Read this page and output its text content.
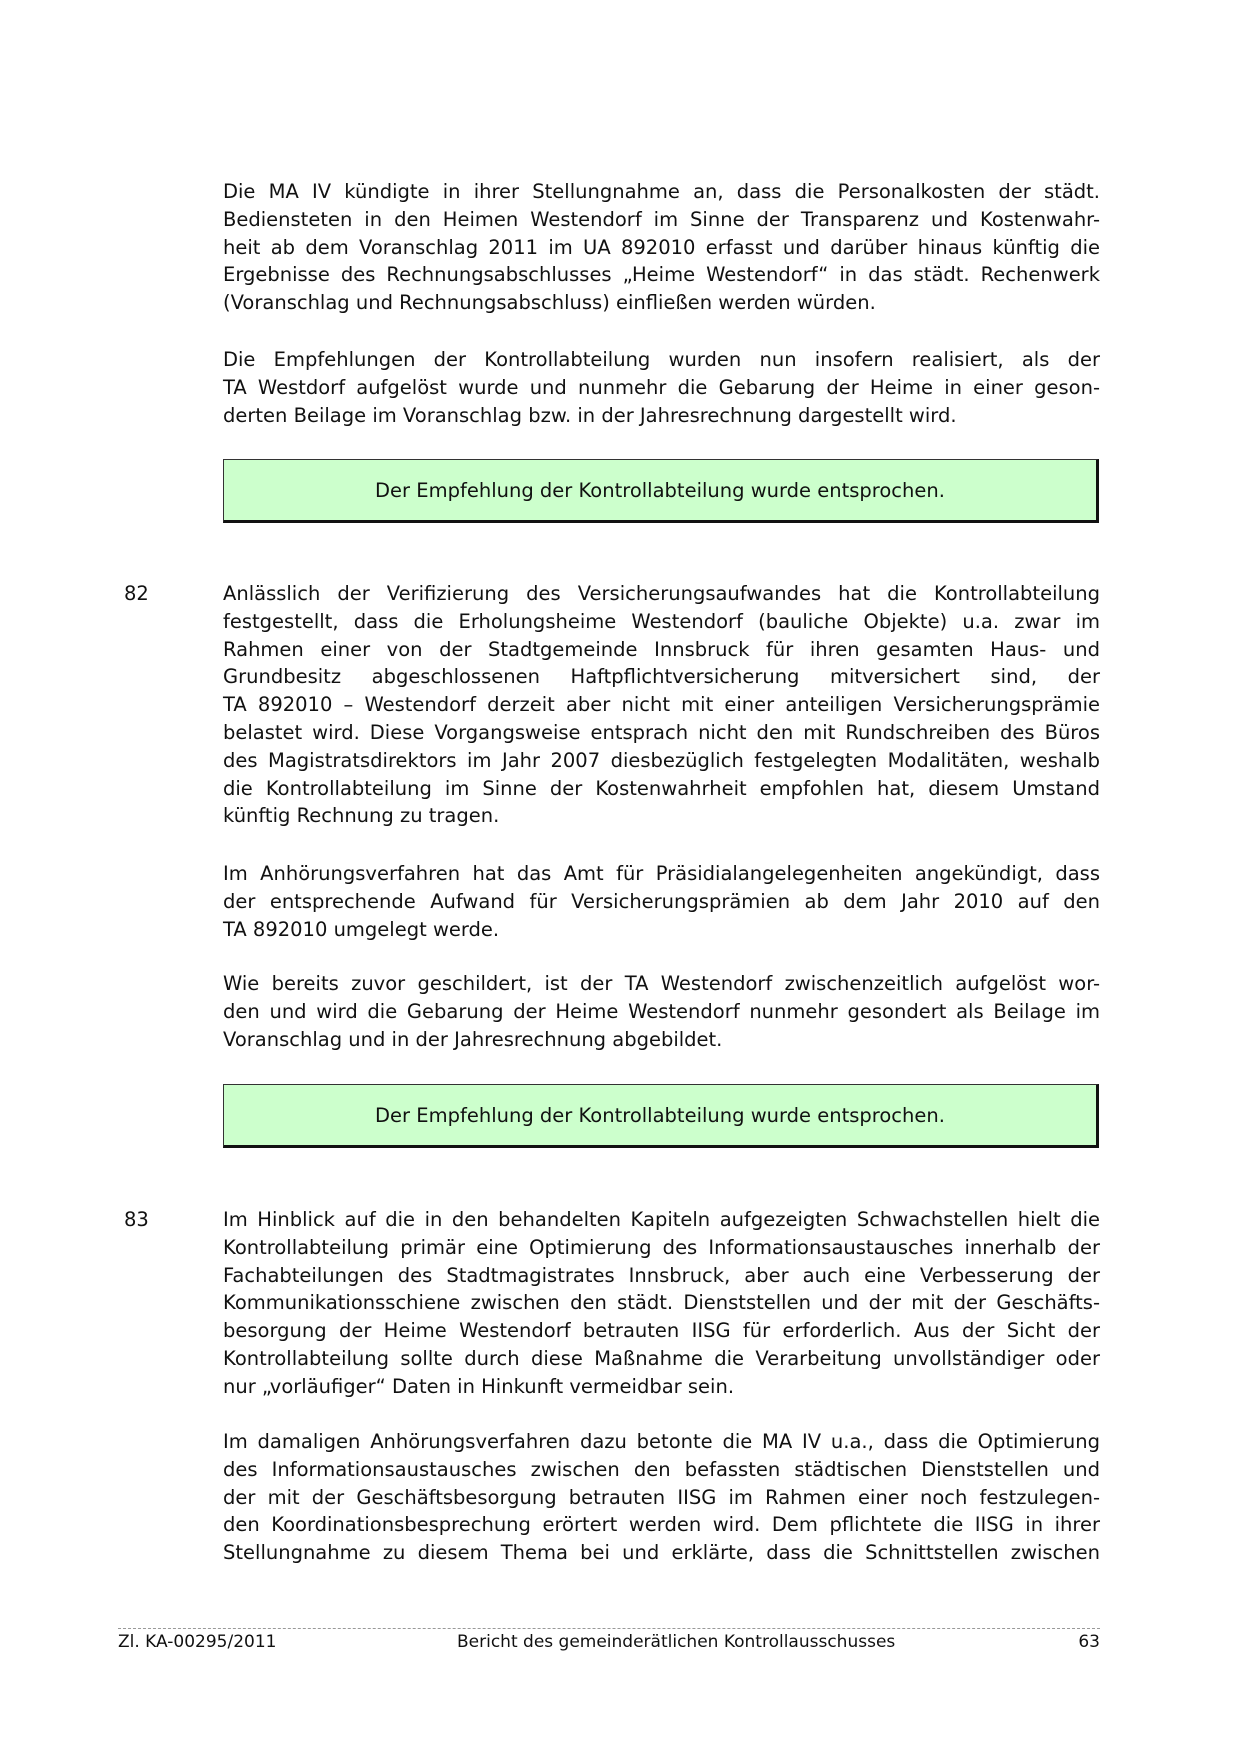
Die MA IV kündigte in ihrer Stellungnahme an, dass die Personalkosten der städt.
Bediensteten in den Heimen Westendorf im Sinne der Transparenz und Kostenwahr-
heit ab dem Voranschlag 2011 im UA 892010 erfasst und darüber hinaus künftig die
Ergebnisse des Rechnungsabschlusses „Heime Westendorf“ in das städt. Rechenwerk
(Voranschlag und Rechnungsabschluss) einfließen werden würden.
Die Empfehlungen der Kontrollabteilung wurden nun insofern realisiert, als der
TA Westdorf aufgelöst wurde und nunmehr die Gebarung der Heime in einer geson-
derten Beilage im Voranschlag bzw. in der Jahresrechnung dargestellt wird.
Der Empfehlung der Kontrollabteilung wurde entsprochen.
82	Anlässlich der Verifizierung des Versicherungsaufwandes hat die Kontrollabteilung
festgestellt, dass die Erholungsheime Westendorf (bauliche Objekte) u.a. zwar im
Rahmen einer von der Stadtgemeinde Innsbruck für ihren gesamten Haus- und
Grundbesitz abgeschlossenen Haftpflichtversicherung mitversichert sind, der
TA 892010 – Westendorf derzeit aber nicht mit einer anteiligen Versicherungsprämie
belastet wird. Diese Vorgangsweise entsprach nicht den mit Rundschreiben des Büros
des Magistratsdirektors im Jahr 2007 diesbezüglich festgelegten Modalitäten, weshalb
die Kontrollabteilung im Sinne der Kostenwahrheit empfohlen hat, diesem Umstand
künftig Rechnung zu tragen.
Im Anhörungsverfahren hat das Amt für Präsidialangelegenheiten angekündigt, dass
der entsprechende Aufwand für Versicherungsprämien ab dem Jahr 2010 auf den
TA 892010 umgelegt werde.
Wie bereits zuvor geschildert, ist der TA Westendorf zwischenzeitlich aufgelöst wor-
den und wird die Gebarung der Heime Westendorf nunmehr gesondert als Beilage im
Voranschlag und in der Jahresrechnung abgebildet.
Der Empfehlung der Kontrollabteilung wurde entsprochen.
83	Im Hinblick auf die in den behandelten Kapiteln aufgezeigten Schwachstellen hielt die
Kontrollabteilung primär eine Optimierung des Informationsaustausches innerhalb der
Fachabteilungen des Stadtmagistrates Innsbruck, aber auch eine Verbesserung der
Kommunikationsschiene zwischen den städt. Dienststellen und der mit der Geschäfts-
besorgung der Heime Westendorf betrauten IISG für erforderlich. Aus der Sicht der
Kontrollabteilung sollte durch diese Maßnahme die Verarbeitung unvollständiger oder
nur „vorläufiger“ Daten in Hinkunft vermeidbar sein.
Im damaligen Anhörungsverfahren dazu betonte die MA IV u.a., dass die Optimierung
des Informationsaustausches zwischen den befassten städtischen Dienststellen und
der mit der Geschäftsbesorgung betrauten IISG im Rahmen einer noch festzulegen-
den Koordinationsbesprechung erörtert werden wird. Dem pflichtete die IISG in ihrer
Stellungnahme zu diesem Thema bei und erklärte, dass die Schnittstellen zwischen
Zl. KA-00295/2011	Bericht des gemeinderätlichen Kontrollausschusses	63
